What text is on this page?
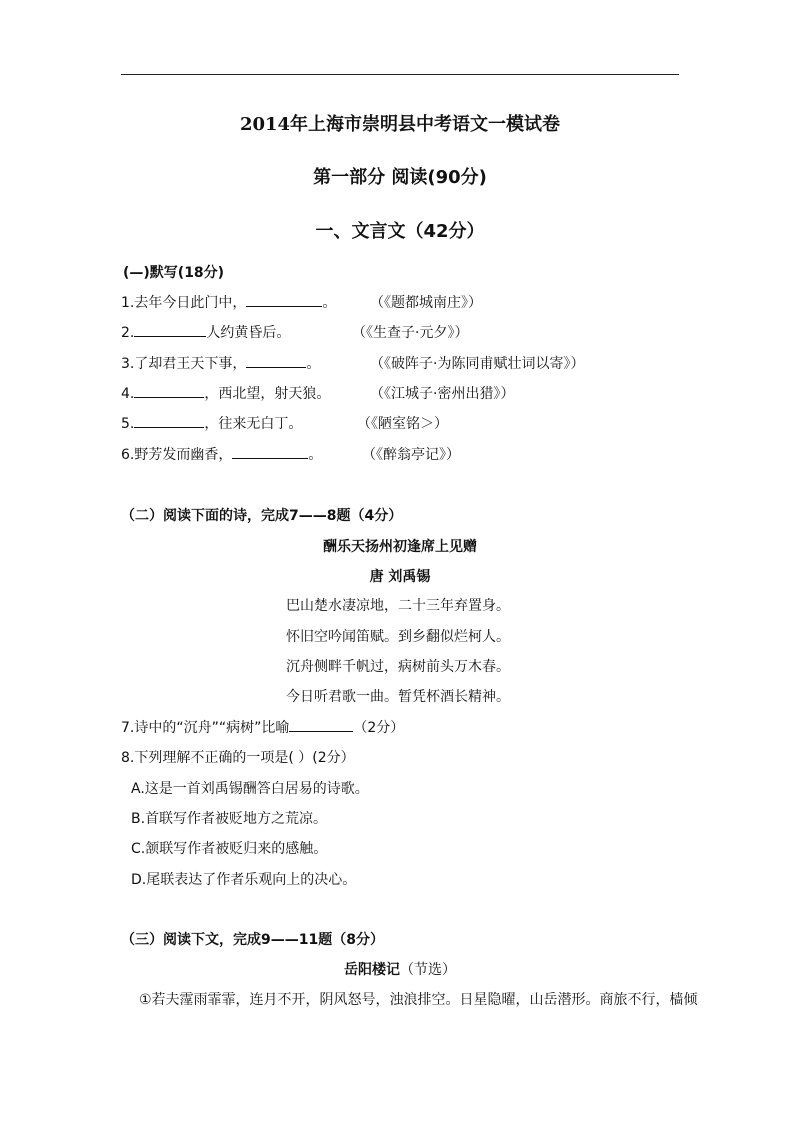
2014年上海市崇明县中考语文一模试卷
第一部分 阅读(90分)
一、文言文（42分）
(—)默写(18分)
1.去年今日此门中，	。 （《题都城南庄》）
2.	人约黄昏后。	（《生查子·元夕》）
3.了却君王天下事，	。	（《破阵子·为陈同甫赋壮词以寄》）
4.	，西北望，射天狼。	（《江城子·密州出猎》）
5.	，往来无白丁。	（《陋室铭＞）
6.野芳发而幽香，	。	（《醉翁亭记》）
（二）阅读下面的诗，完成7——8题（4分）
酬乐天扬州初逢席上见赠
唐 刘禹锡
巴山楚水凄凉地，二十三年弃置身。
怀旧空吟闻笛赋。到乡翻似烂柯人。
沉舟侧畔千帆过，病树前头万木春。
今日听君歌一曲。暂凭杯酒长精神。
7.诗中的“沉舟”“病树”比喻	（2分）
8.下列理解不正确的一项是( ）(2分）
A.这是一首刘禹锡酬答白居易的诗歌。
B.首联写作者被贬地方之荒凉。
C.颔联写作者被贬归来的感触。
D.尾联表达了作者乐观向上的决心。
（三）阅读下文，完成9——11题（8分）
岳阳楼记（节选）
①若夫霪雨霏霏，连月不开，阴风怒号，浊浪排空。日星隐曜，山岳潜形。商旅不行，樯倾
